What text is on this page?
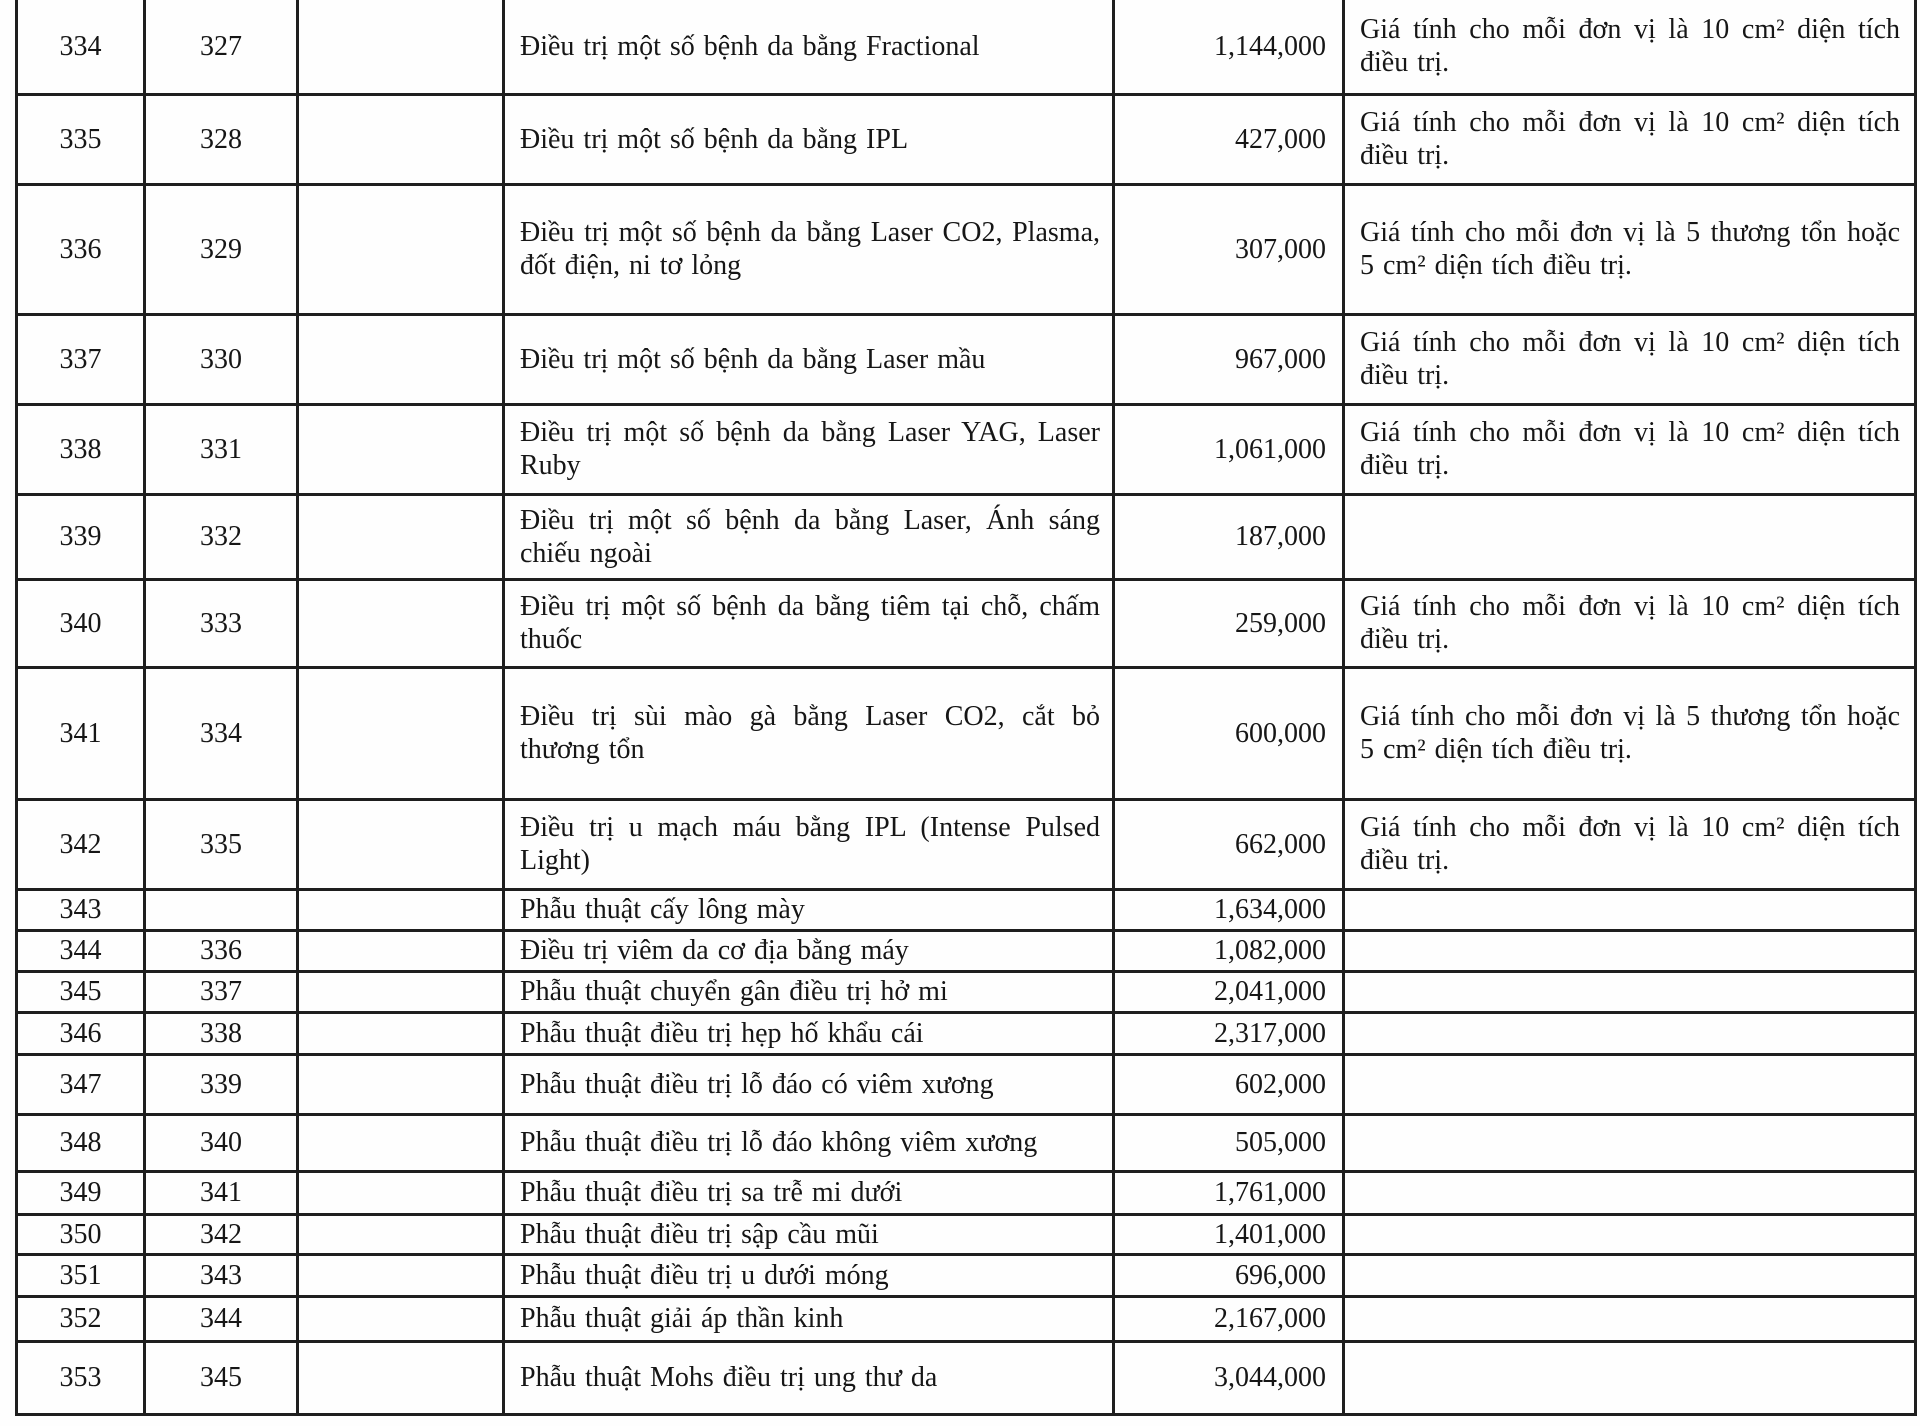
334	327		Điều trị một số bệnh da bằng Fractional	1,144,000	Giá tính cho mỗi đơn vị là 10 cm² diện tích điều trị.
335	328		Điều trị một số bệnh da bằng IPL	427,000	Giá tính cho mỗi đơn vị là 10 cm² diện tích điều trị.
336	329		Điều trị một số bệnh da bằng Laser CO2, Plasma, đốt điện, ni tơ lỏng	307,000	Giá tính cho mỗi đơn vị là 5 thương tổn hoặc 5 cm² diện tích điều trị.
337	330		Điều trị một số bệnh da bằng Laser mầu	967,000	Giá tính cho mỗi đơn vị là 10 cm² diện tích điều trị.
338	331		Điều trị một số bệnh da bằng Laser YAG, Laser Ruby	1,061,000	Giá tính cho mỗi đơn vị là 10 cm² diện tích điều trị.
339	332		Điều trị một số bệnh da bằng Laser, Ánh sáng chiếu ngoài	187,000	
340	333		Điều trị một số bệnh da bằng tiêm tại chỗ, chấm thuốc	259,000	Giá tính cho mỗi đơn vị là 10 cm² diện tích điều trị.
341	334		Điều trị sùi mào gà bằng Laser CO2, cắt bỏ thương tổn	600,000	Giá tính cho mỗi đơn vị là 5 thương tổn hoặc 5 cm² diện tích điều trị.
342	335		Điều trị u mạch máu bằng IPL (Intense Pulsed Light)	662,000	Giá tính cho mỗi đơn vị là 10 cm² diện tích điều trị.
343			Phẫu thuật cấy lông mày	1,634,000	
344	336		Điều trị viêm da cơ địa bằng máy	1,082,000	
345	337		Phẫu thuật chuyển gân điều trị hở mi	2,041,000	
346	338		Phẫu thuật điều trị hẹp hố khẩu cái	2,317,000	
347	339		Phẫu thuật điều trị lỗ đáo có viêm xương	602,000	
348	340		Phẫu thuật điều trị lỗ đáo không viêm xương	505,000	
349	341		Phẫu thuật điều trị sa trễ mi dưới	1,761,000	
350	342		Phẫu thuật điều trị sập cầu mũi	1,401,000	
351	343		Phẫu thuật điều trị u dưới móng	696,000	
352	344		Phẫu thuật giải áp thần kinh	2,167,000	
353	345		Phẫu thuật Mohs điều trị ung thư da	3,044,000	
